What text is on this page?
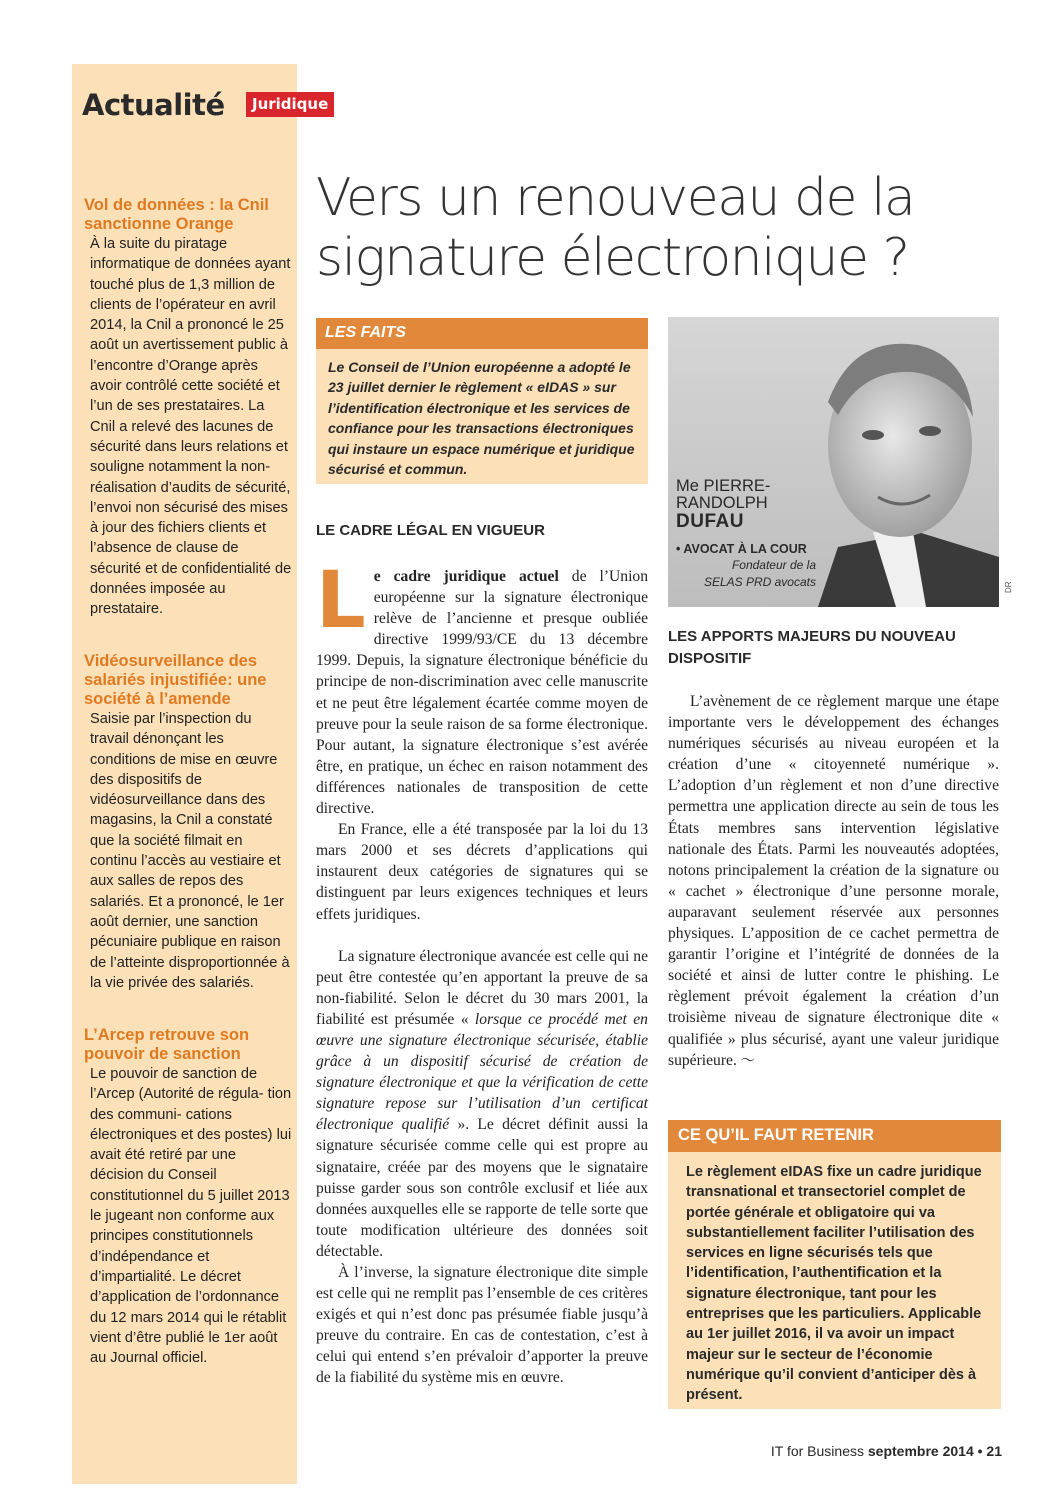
Actualité	Juridique
Vol de données : la Cnil sanctionne Orange

À la suite du piratage informatique de données ayant touché plus de 1,3 million de clients de l’opérateur en avril 2014, la Cnil a prononcé le 25 août un avertissement public à l’encontre d’Orange après avoir contrôlé cette société et l’un de ses prestataires. La Cnil a relevé des lacunes de sécurité dans leurs relations et souligne notamment la non-réalisation d’audits de sécurité, l’envoi non sécurisé des mises à jour des fichiers clients et l’absence de clause de sécurité et de confidentialité de données imposée au prestataire.

Vidéosurveillance des salariés injustifiée: une société à l’amende

Saisie par l’inspection du travail dénonçant les conditions de mise en œuvre des dispositifs de vidéosurveillance dans des magasins, la Cnil a constaté que la société filmait en continu l’accès au vestiaire et aux salles de repos des salariés. Et a prononcé, le 1er août dernier, une sanction pécuniaire publique en raison de l’atteinte disproportionnée à la vie privée des salariés.

L’Arcep retrouve son pouvoir de sanction

Le pouvoir de sanction de l’Arcep (Autorité de régula- tion des communi- cations électroniques et des postes) lui avait été retiré par une décision du Conseil constitutionnel du 5 juillet 2013 le jugeant non conforme aux principes constitutionnels d’indépendance et d’impartialité. Le décret d’application de l’ordonnance du 12 mars 2014 qui le rétablit vient d’être publié le 1er août au Journal officiel.

Vers un renouveau de la
signature électronique ?
LES FAITS

Le Conseil de l’Union européenne a adopté le 23 juillet dernier le règlement « eIDAS » sur l’identification électronique et les services de confiance pour les transactions électroniques qui instaure un espace numérique et juridique sécurisé et commun.

Me PIERRE-
RANDOLPH
DUFAU
• AVOCAT À LA COUR
Fondateur de la
SELAS PRD avocats	DR
LE CADRE LÉGAL EN VIGUEUR

L e cadre juridique actuel de l’Union européenne sur la signature électronique relève de l’ancienne et presque oubliée directive 1999/93/CE du 13 décembre 1999. Depuis, la signature électronique bénéficie du principe de non-discrimination avec celle manuscrite et ne peut être légalement écartée comme moyen de preuve pour la seule raison de sa forme électronique. Pour autant, la signature électronique s’est avérée être, en pratique, un échec en raison notamment des différences nationales de transposition de cette directive.

En France, elle a été transposée par la loi du 13 mars 2000 et ses décrets d’applications qui instaurent deux catégories de signatures qui se distinguent par leurs exigences techniques et leurs effets juridiques.

La signature électronique avancée est celle qui ne peut être contestée qu’en apportant la preuve de sa non-fiabilité. Selon le décret du 30 mars 2001, la fiabilité est présumée « lorsque ce procédé met en œuvre une signature électronique sécurisée, établie grâce à un dispositif sécurisé de création de signature électronique et que la vérification de cette signature repose sur l’utilisation d’un certificat électronique qualifié ». Le décret définit aussi la signature sécurisée comme celle qui est propre au signataire, créée par des moyens que le signataire puisse garder sous son contrôle exclusif et liée aux données auxquelles elle se rapporte de telle sorte que toute modification ultérieure des données soit détectable.

À l’inverse, la signature électronique dite simple est celle qui ne remplit pas l’ensemble de ces critères exigés et qui n’est donc pas présumée fiable jusqu’à preuve du contraire. En cas de contestation, c’est à celui qui entend s’en prévaloir d’apporter la preuve de la fiabilité du système mis en œuvre.

LES APPORTS MAJEURS DU NOUVEAU DISPOSITIF

L’avènement de ce règlement marque une étape importante vers le développement des échanges numériques sécurisés au niveau européen et la création d’une « citoyenneté numérique ». L’adoption d’un règlement et non d’une directive permettra une application directe au sein de tous les États membres sans intervention législative nationale des États. Parmi les nouveautés adoptées, notons principalement la création de la signature ou « cachet » électronique d’une personne morale, auparavant seulement réservée aux personnes physiques. L’apposition de ce cachet permettra de garantir l’origine et l’intégrité de données de la société et ainsi de lutter contre le phishing. Le règlement prévoit également la création d’un troisième niveau de signature électronique dite « qualifiée » plus sécurisé, ayant une valeur juridique supérieure. 〜

CE QU’IL FAUT RETENIR

Le règlement eIDAS fixe un cadre juridique transnational et transectoriel complet de portée générale et obligatoire qui va substantiellement faciliter l’utilisation des services en ligne sécurisés tels que l’identification, l’authentification et la signature électronique, tant pour les entreprises que les particuliers. Applicable au 1er juillet 2016, il va avoir un impact majeur sur le secteur de l’économie numérique qu’il convient d’anticiper dès à présent.

IT for Business septembre 2014 • 21
